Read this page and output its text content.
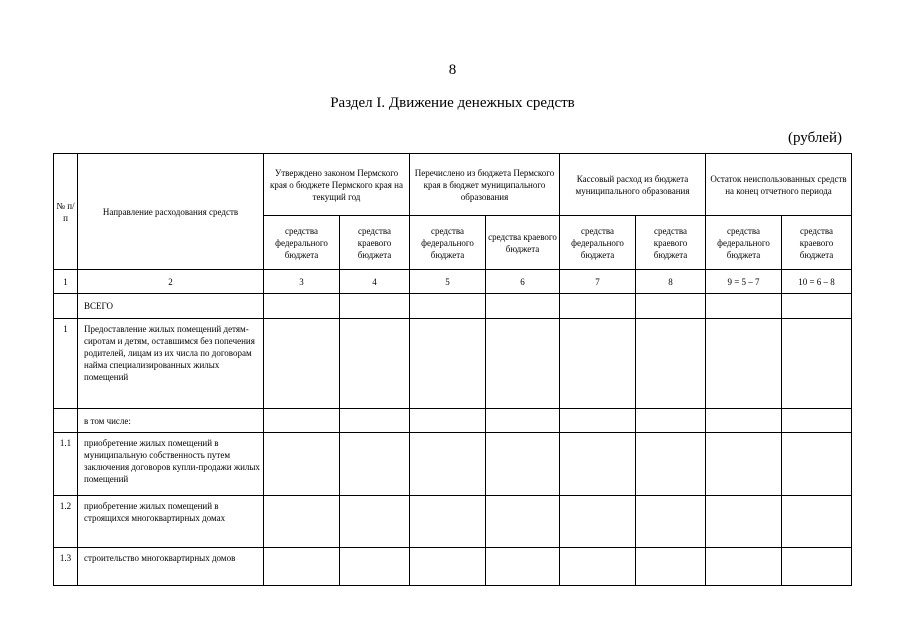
8
Раздел I. Движение денежных средств
(рублей)
№ п/п	Направление расходования средств	Утверждено законом Пермского края о бюджете Пермского края на текущий год		Перечислено из бюджета Пермского края в бюджет муниципального образования		Кассовый расход из бюджета муниципального образования		Остаток неиспользованных средств на конец отчетного периода	
		средства федерального бюджета	средства краевого бюджета	средства федерального бюджета	средства краевого бюджета	средства федерального бюджета	средства краевого бюджета	средства федерального бюджета	средства краевого бюджета
1	2	3	4	5	6	7	8	9 = 5 – 7	10 = 6 – 8
	ВСЕГО								
1	Предоставление жилых помещений детям-сиротам и детям, оставшимся без попечения родителей, лицам из их числа по договорам найма специализированных жилых помещений								
	в том числе:								
1.1	приобретение жилых помещений в муниципальную собственность путем заключения договоров купли-продажи жилых помещений								
1.2	приобретение жилых помещений в строящихся многоквартирных домах								
1.3	строительство многоквартирных домов								
